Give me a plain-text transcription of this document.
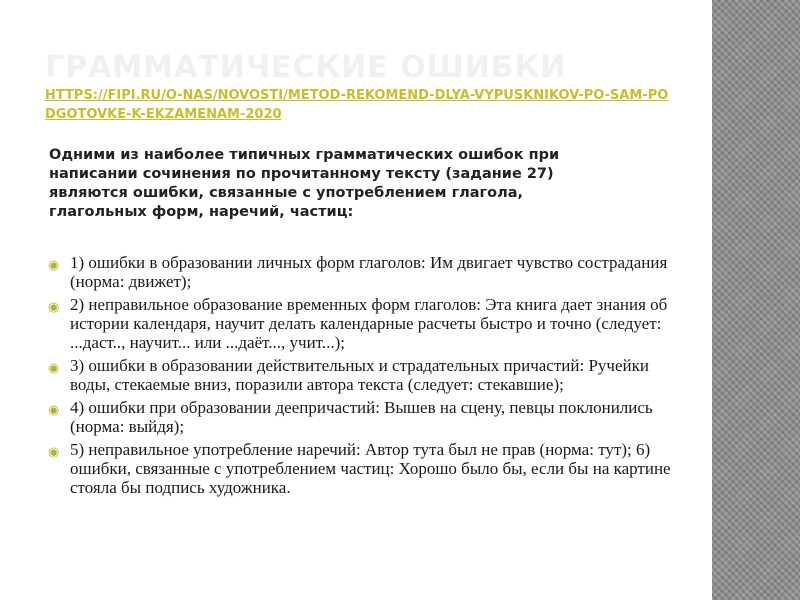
ГРАММАТИЧЕСКИЕ ОШИБКИ
HTTPS://FIPI.RU/O-NAS/NOVOSTI/METOD-REKOMEND-DLYA-VYPUSKNIKOV-PO-SAM-PODGOTOVKE-K-EKZAMENAM-2020

Одними из наиболее типичных грамматических ошибок при написании сочинения по прочитанному тексту (задание 27) являются ошибки, связанные с употреблением глагола, глагольных форм, наречий, частиц:

◉ 1) ошибки в образовании личных форм глаголов: Им двигает чувство сострадания (норма: движет);
◉ 2) неправильное образование временных форм глаголов: Эта книга дает знания об истории календаря, научит делать календарные расчеты быстро и точно (следует: ...даст.., научит... или ...даёт..., учит...);
◉ 3) ошибки в образовании действительных и страдательных причастий: Ручейки воды, стекаемые вниз, поразили автора текста (следует: стекавшие);
◉ 4) ошибки при образовании деепричастий: Вышев на сцену, певцы поклонились (норма: выйдя);
◉ 5) неправильное употребление наречий: Автор тута был не прав (норма: тут); 6) ошибки, связанные с употреблением частиц: Хорошо было бы, если бы на картине стояла бы подпись художника.
